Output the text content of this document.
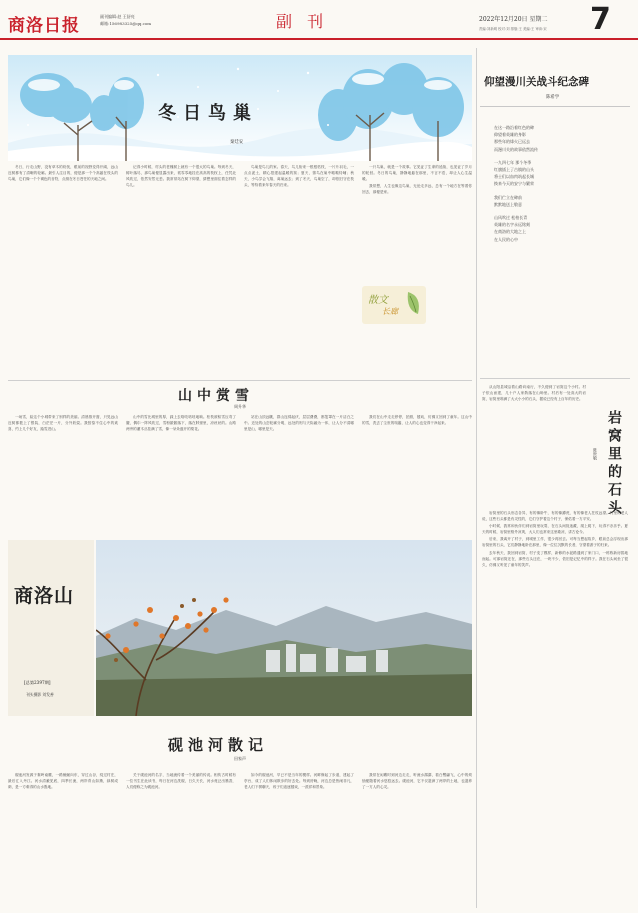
商洛日报	副刊编辑:赵 王舒亮
邮箱:156983325@qq.com	副 刊	2022年12月20日 星期二
责编:刘新明 校对:刘 排版:王 美编:王 审读:宋 7
冬日鸟巢
秦廷安

冬日，行走山野，没有草木的纷扰，眼前的视野变得开阔，远山近树都有了清晰的轮廓。最引人注目的，便是那一个个高悬在枝头的鸟巢，它们像一个个褐色的音符，点缀在冬日苍茫的天地之间。

记得小时候，村头的老槐树上就有一个很大的鸟巢。每到冬天，树叶落尽，那鸟巢便显露出来，孤零零地挂在高高的枝杈上，任凭北风吹过，依然安然无恙。我常常站在树下仰望，猜想里面住着怎样的鸟儿。

鸟巢是鸟儿的家。春天，鸟儿衔来一根根枯枝，一片片羽毛，一点点泥土，精心搭建起温暖的窝；夏天，雏鸟在巢中嗷嗷待哺；秋天，小鸟学会飞翔，离巢远去；到了冬天，鸟巢空了，却依旧守在枝头，等待着来年春天的归来。

一只鸟巢，就是一个故事。它见证了生命的延续，也见证了岁月的轮回。冬日的鸟巢，静静地悬在那里，不言不语，却让人心生温暖。

我常想，人生也像这鸟巢，无论走多远，总有一个地方在等着你回去，那便是家。

散文
长廊
仰望漫川关战斗纪念碑
陈希学
在这一路沿着红色的碑
仰望着英雄的身影
那些年的烽火已远去
而漫川关的故事依然流传
一九四七年 那个冬季
红旗插上了古镇的山头
将士们以血肉筑起长城
换来今天的安宁与繁荣
我们伫立在碑前
默默地送上敬意
山风吹过 松柏长青
英雄的名字永远铭刻
在商洛的大地之上
在人民的心中
山中赏雪
周升华

一场雪，給这个小城带来了别样的美丽。清晨推开窗，只见远山近树都披上了银装，白茫茫一片，分外妖娆。我按捺不住心中的欢喜，约上几个好友，踏雪进山。

山中的雪比城里的厚，踩上去咯吱咯吱地响。松枝被积雪压弯了腰，偶尔一阵风吹过，雪粉簌簌落下，落在脖颈里，凉丝丝的。山路两旁的灌木丛挂满了雪，像一朵朵盛开的梨花。

站在山顶远眺，群山连绵起伏，层层叠叠，都笼罩在一片洁白之中。近处的山峦轮廓分明，远处的则与天际融为一体，让人分不清哪里是山，哪里是天。

我们在山中走走停停，拍照，嬉戏，仿佛又回到了童年。这山中的雪，洗去了尘世的喧嚣，让人的心也变得干净起来。	岩窝里的石头
陈世敏

从山阳县城沿着山路向南行，不久便到了岩窝这个小村。村子依山而建，几十户人家散落在山坳里。村后有一处高大的岩窝，岩窝里堆满了大大小小的石头，据说已经有上百年的历史。

岩窝里的石头形态各异，有的像卧牛，有的像蹲虎，有的像老人拄杖远望。村里的老人说，这些石头都是有灵性的，它们守护着这个村子，保佑着一方平安。

小时候，我常和伙伴们到岩窝里玩耍，在石头间捉迷藏，爬上爬下，玩得不亦乐乎。夏天的时候，岩窝里格外凉爽，大人们也常来这里歇凉，讲古论今。

后来，我离开了村子，到城里工作，很少再回去。可每当想起故乡，眼前总会浮现出那岩窝里的石头，它们静静地卧在那里，像一位位沉默的长者，守望着游子的归来。

去年秋天，我回到岩窝，村子变了模样，新修的水泥路通到了家门口，一栋栋新房拔地而起。可那岩窝还在，那些石头还在，一块不少，依旧是记忆中的样子。我在石头间坐了很久，仿佛又听见了童年的笑声。

商洛山
[总第2397期]
刊头摄影 刘发善
砚池河散记
田家声

砚池河发源于秦岭南麓，一路蜿蜒向东，穿过山谷，绕过村庄，最后汇入丹江。河水清澈见底，四季长流，两岸青山如黛，绿树成荫，是一方难得的山水胜地。

关于砚池河的名字，当地流传着一个美丽的传说。相传古时候有一位书生在此读书，每日在河边洗砚，日久天长，河水竟泛出墨香，人们便称之为砚池河。

如今的砚池河，早已不是当年的模样。河畔修起了步道，建起了亭台，成了人们休闲散步的好去处。每到傍晚，河边总是热闹非凡，老人们下棋聊天，孩子们追逐嬉戏，一派祥和景象。

我常在闲暇时到河边走走，听流水潺潺，看白鹭翩飞，心中的烦恼便随着河水悠悠远去。砚池河，它不仅滋润了两岸的土地，也滋养了一方人的心灵。
